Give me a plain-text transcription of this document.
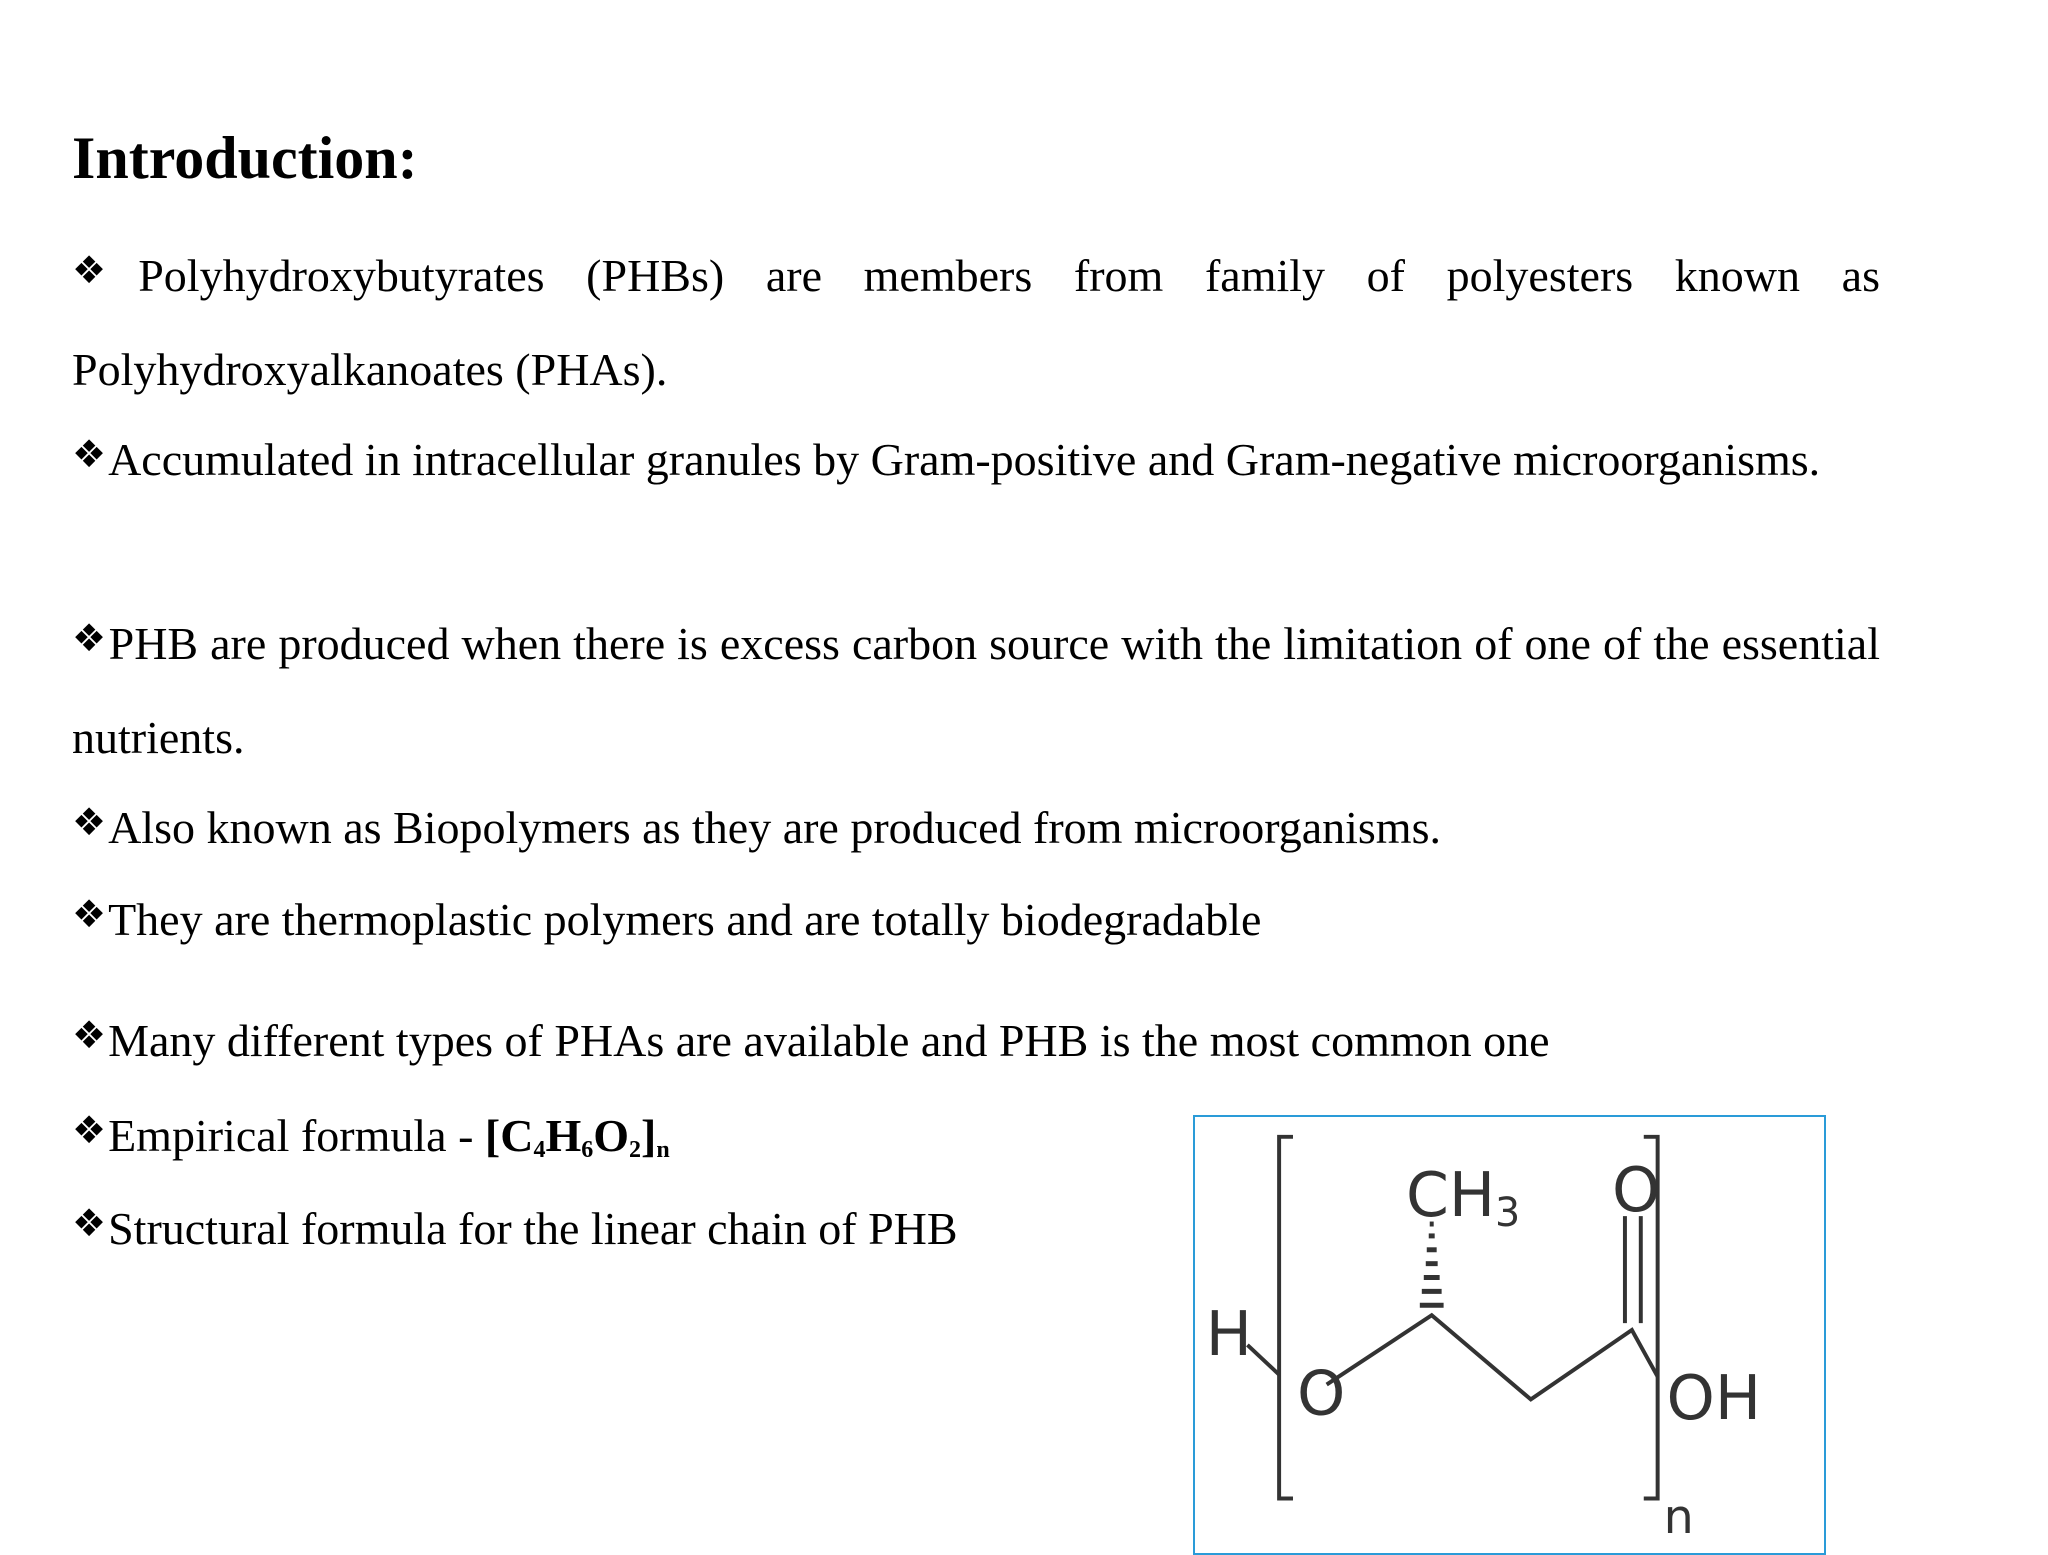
Introduction:

❖Polyhydroxybutyrates (PHBs) are members from family of polyesters known as Polyhydroxyalkanoates (PHAs).

❖Accumulated in intracellular granules by Gram-positive and Gram-negative microorganisms.

❖PHB are produced when there is excess carbon source with the limitation of one of the essential nutrients.

❖Also known as Biopolymers as they are produced from microorganisms.

❖They are thermoplastic polymers and are totally biodegradable

❖Many different types of PHAs are available and PHB is the most common one

❖Empirical formula - $[C_4H_6O_2]_n$

❖Structural formula for the linear chain of PHB	CH3 O
H
O	OH
n
